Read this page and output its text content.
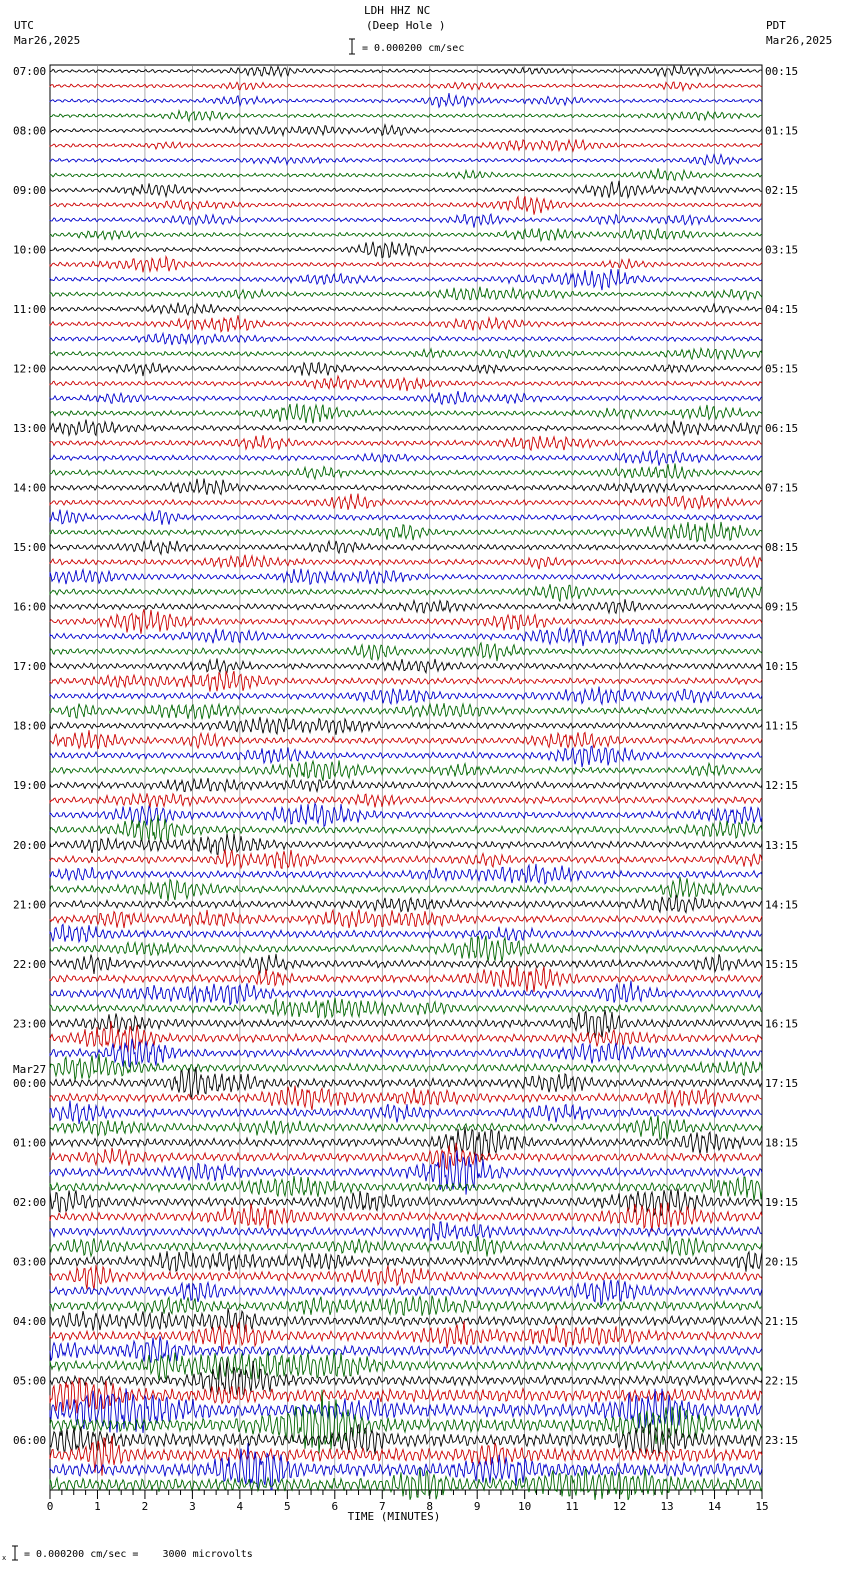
LDH HHZ NC
(Deep Hole )
UTC
Mar26,2025
PDT
Mar26,2025
= 0.000200 cm/sec
0	1	2	3	4	5	6	7	8	9	10	11	12	13	14	15
TIME (MINUTES)
07:00
08:00
09:00
10:00
11:00
12:00
13:00
14:00
15:00
16:00
17:00
18:00
19:00
20:00
21:00
22:00
23:00
Mar27
00:00
01:00
02:00
03:00
04:00
05:00
06:00
00:15
01:15
02:15
03:15
04:15
05:15
06:15
07:15
08:15
09:15
10:15
11:15
12:15
13:15
14:15
15:15
16:15
17:15
18:15
19:15
20:15
21:15
22:15
23:15
x = 0.000200 cm/sec =    3000 microvolts
